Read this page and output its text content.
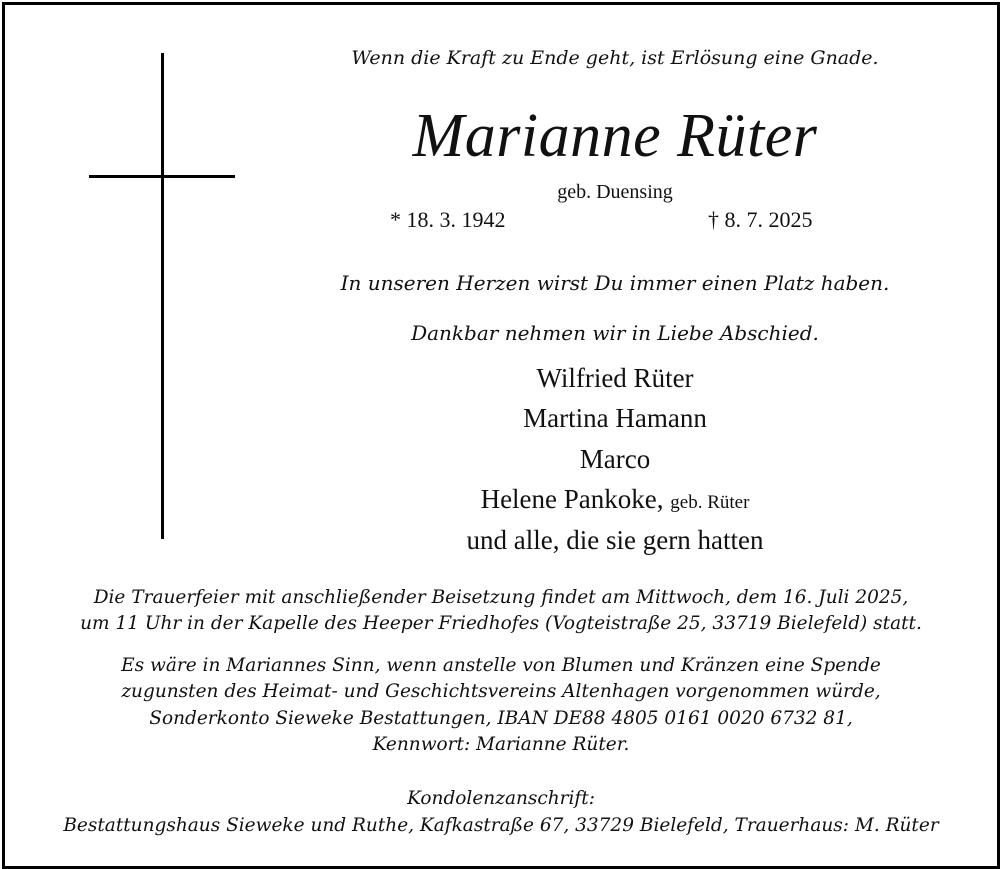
Wenn die Kraft zu Ende geht, ist Erlösung eine Gnade.
Marianne Rüter
geb. Duensing
* 18. 3. 1942	† 8. 7. 2025
In unseren Herzen wirst Du immer einen Platz haben.
Dankbar nehmen wir in Liebe Abschied.
Wilfried Rüter
Martina Hamann
Marco
Helene Pankoke, geb. Rüter
und alle, die sie gern hatten
Die Trauerfeier mit anschließender Beisetzung findet am Mittwoch, dem 16. Juli 2025,
um 11 Uhr in der Kapelle des Heeper Friedhofes (Vogteistraße 25, 33719 Bielefeld) statt.
Es wäre in Mariannes Sinn, wenn anstelle von Blumen und Kränzen eine Spende
zugunsten des Heimat- und Geschichtsvereins Altenhagen vorgenommen würde,
Sonderkonto Sieweke Bestattungen, IBAN DE88 4805 0161 0020 6732 81,
Kennwort: Marianne Rüter.
Kondolenzanschrift:
Bestattungshaus Sieweke und Ruthe, Kafkastraße 67, 33729 Bielefeld, Trauerhaus: M. Rüter
